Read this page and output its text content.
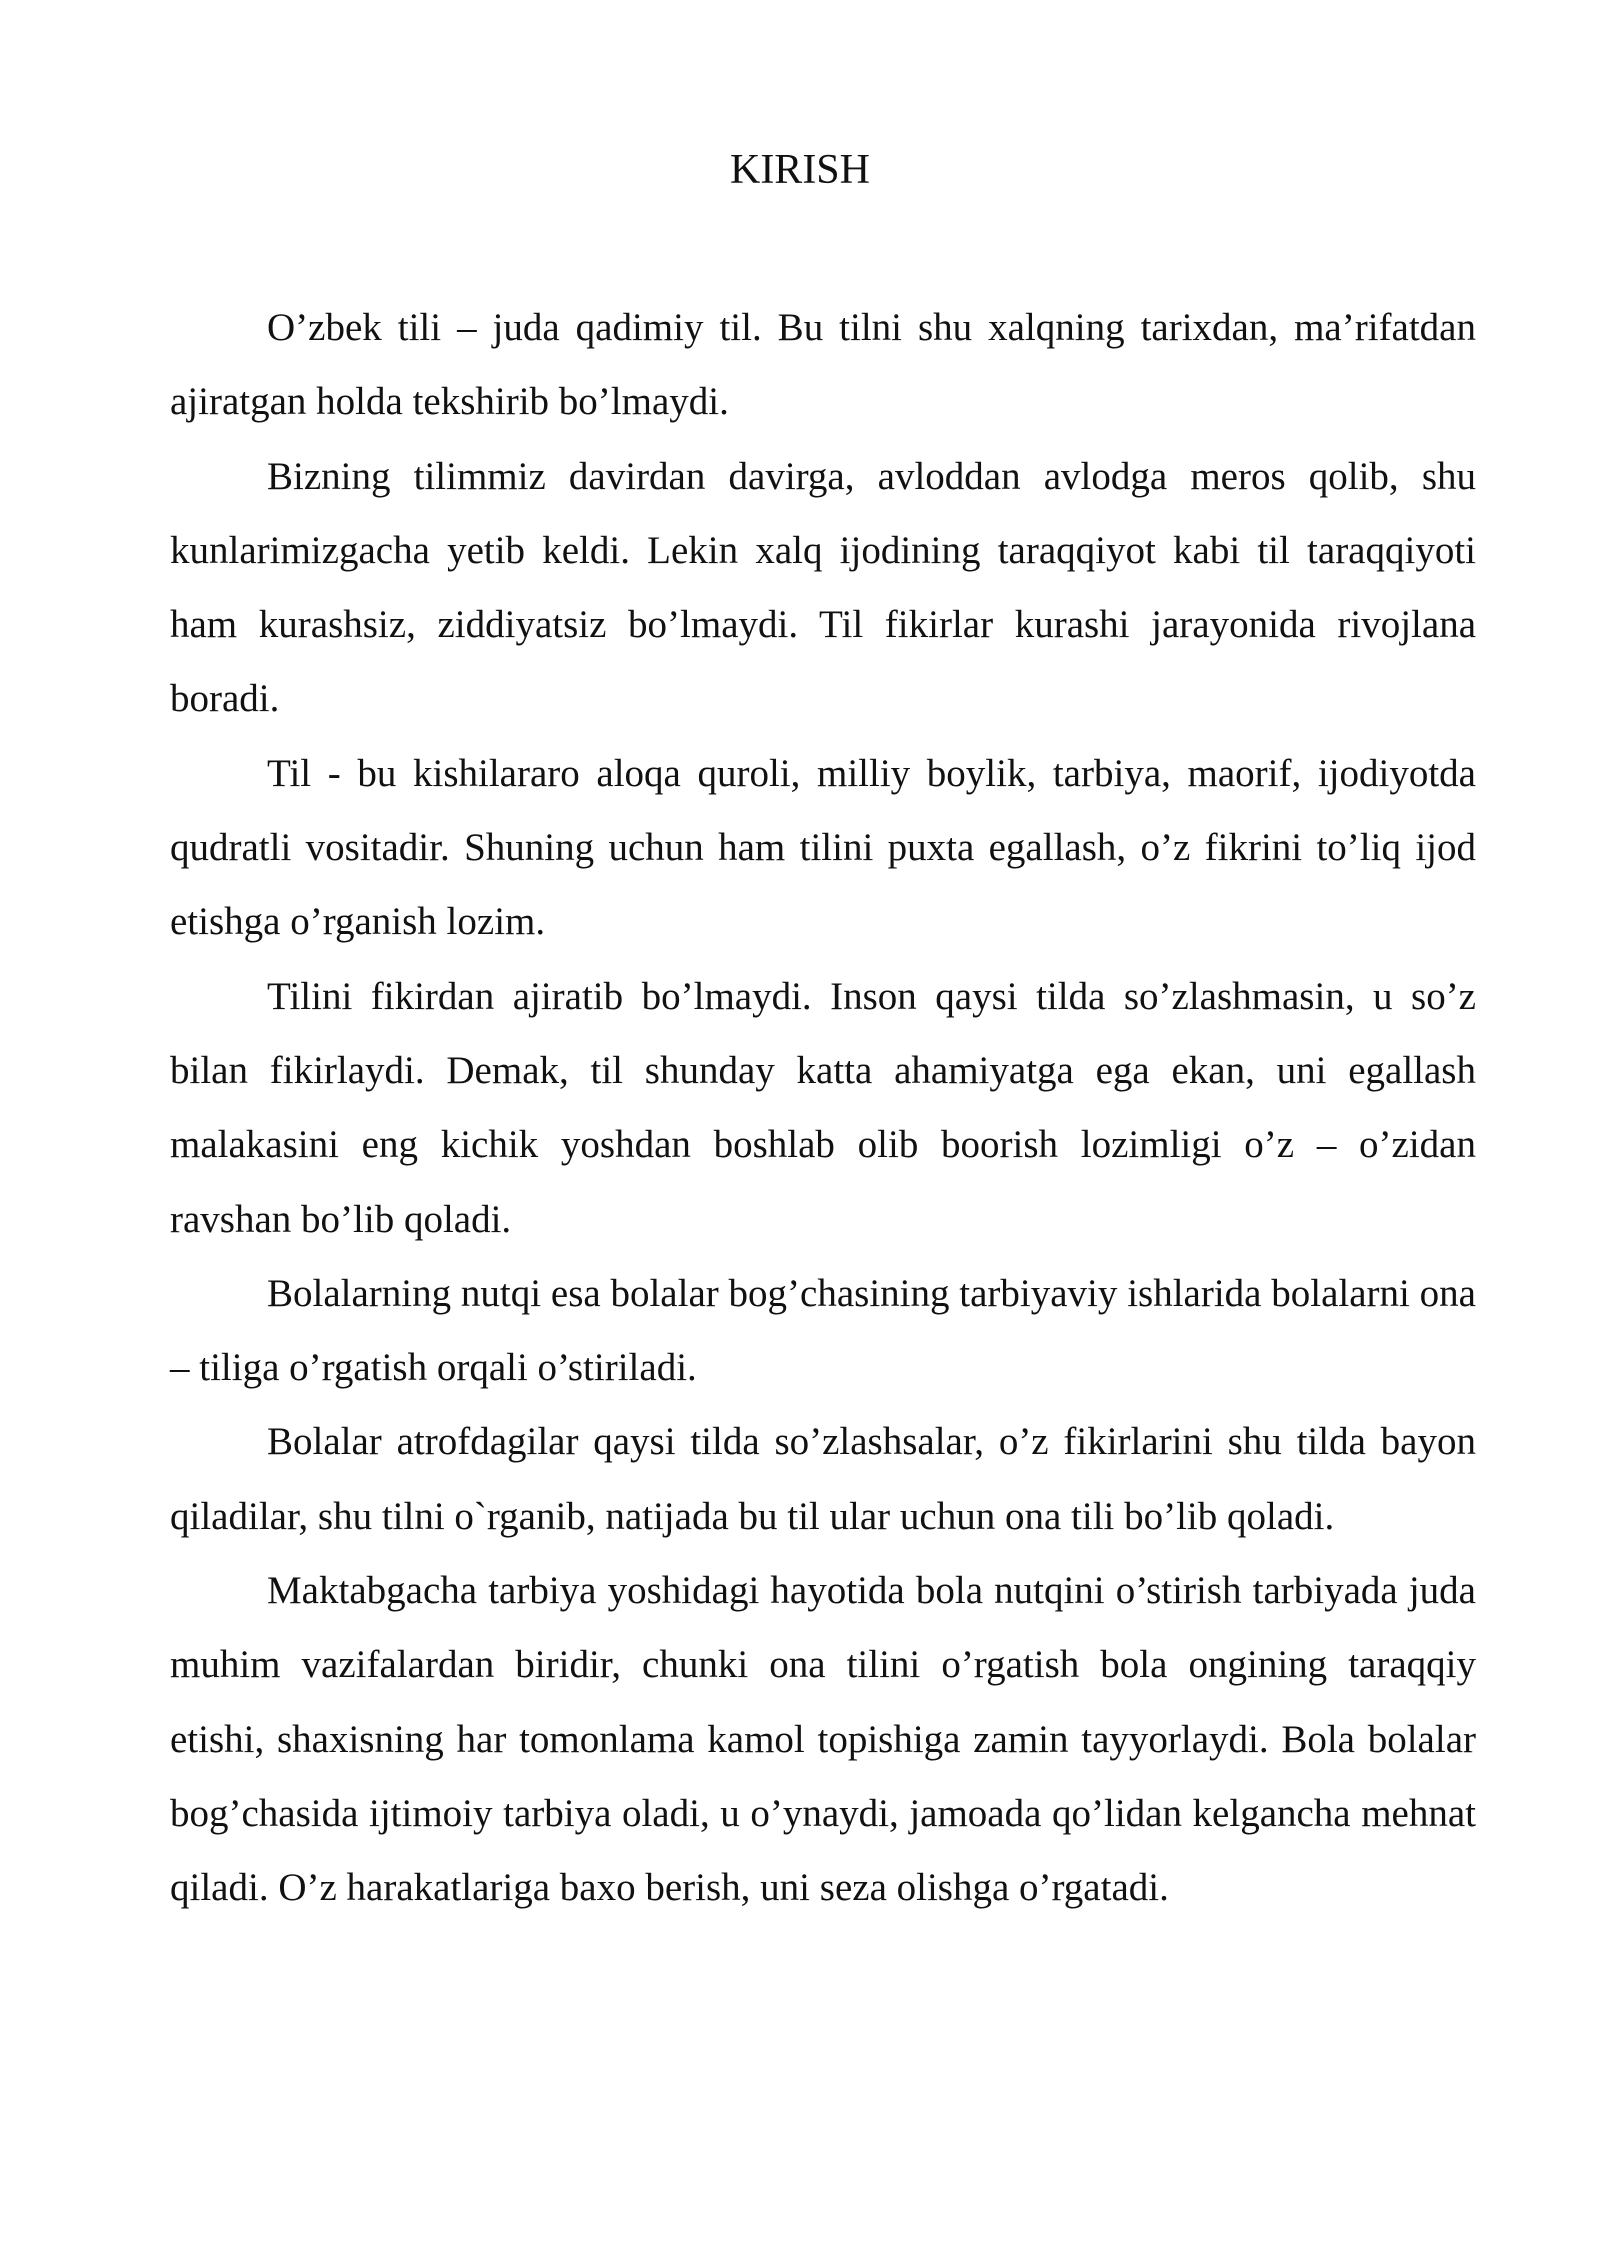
KIRISH

O’zbek tili – juda qadimiy til. Bu tilni shu xalqning tarixdan, ma’rifatdan ajiratgan holda tekshirib bo’lmaydi.

Bizning tilimmiz davirdan davirga, avloddan avlodga meros qolib, shu kunlarimizgacha yetib keldi. Lekin xalq ijodining taraqqiyot kabi til taraqqiyoti ham kurashsiz, ziddiyatsiz bo’lmaydi. Til fikirlar kurashi jarayonida rivojlana boradi.

Til - bu kishilararo aloqa quroli, milliy boylik, tarbiya, maorif, ijodiyotda qudratli vositadir. Shuning uchun ham tilini puxta egallash, o’z fikrini to’liq ijod etishga o’rganish lozim.

Tilini fikirdan ajiratib bo’lmaydi. Inson qaysi tilda so’zlashmasin, u so’z bilan fikirlaydi. Demak, til shunday katta ahamiyatga ega ekan, uni egallash malakasini eng kichik yoshdan boshlab olib boorish lozimligi o’z – o’zidan ravshan bo’lib qoladi.

Bolalarning nutqi esa bolalar bog’chasining tarbiyaviy ishlarida bolalarni ona – tiliga o’rgatish orqali o’stiriladi.

Bolalar atrofdagilar qaysi tilda so’zlashsalar, o’z fikirlarini shu tilda bayon qiladilar, shu tilni o`rganib, natijada bu til ular uchun ona tili bo’lib qoladi.

Maktabgacha tarbiya yoshidagi hayotida bola nutqini o’stirish tarbiyada juda muhim vazifalardan biridir, chunki ona tilini o’rgatish bola ongining taraqqiy etishi, shaxisning har tomonlama kamol topishiga zamin tayyorlaydi. Bola bolalar bog’chasida ijtimoiy tarbiya oladi, u o’ynaydi, jamoada qo’lidan kelgancha mehnat qiladi. O’z harakatlariga baxo berish, uni seza olishga o’rgatadi.
